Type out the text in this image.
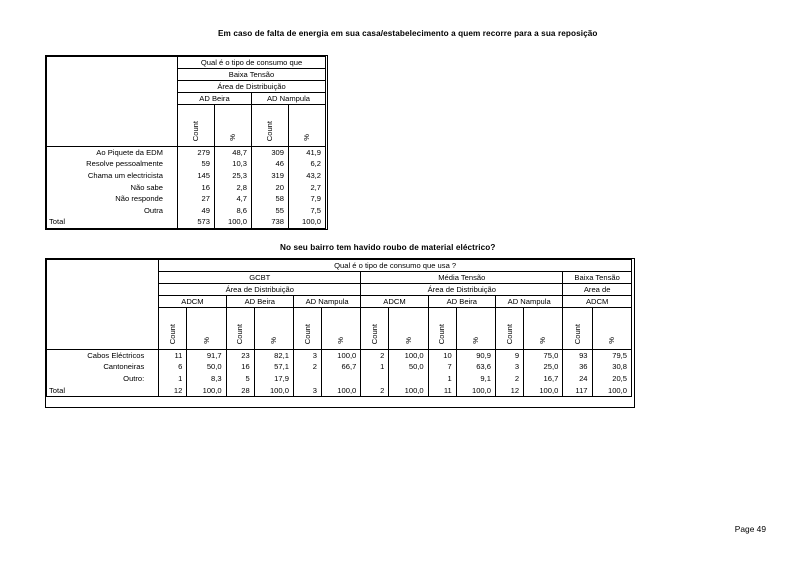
Em caso de falta de energia em sua casa/estabelecimento a quem recorre para a sua reposição
	Qual é o tipo de consumo que			
	Baixa Tensão			
	Área de Distribuição			
	AD Beira		AD Nampula	
	Count	%	Count	%
Ao Piquete da EDM	279	48,7	309	41,9
Resolve pessoalmente	59	10,3	46	6,2
Chama um electricista	145	25,3	319	43,2
Não sabe	16	2,8	20	2,7
Não responde	27	4,7	58	7,9
Outra	49	8,6	55	7,5
Total	573	100,0	738	100,0
No seu bairro tem havido roubo de material eléctrico?
	Qual é o tipo de consumo que usa ?													
	GCBT						Média Tensão						Baixa Tensão	
	Área de Distribuição						Área de Distribuição						Area de	
	ADCM		AD Beira		AD Nampula		ADCM		AD Beira		AD Nampula		ADCM	
	Count	%	Count	%	Count	%	Count	%	Count	%	Count	%	Count	%
Cabos Eléctricos	11	91,7	23	82,1	3	100,0	2	100,0	10	90,9	9	75,0	93	79,5
Cantoneiras	6	50,0	16	57,1	2	66,7	1	50,0	7	63,6	3	25,0	36	30,8
Outro:	1	8,3	5	17,9					1	9,1	2	16,7	24	20,5
Total	12	100,0	28	100,0	3	100,0	2	100,0	11	100,0	12	100,0	117	100,0
Page 49
